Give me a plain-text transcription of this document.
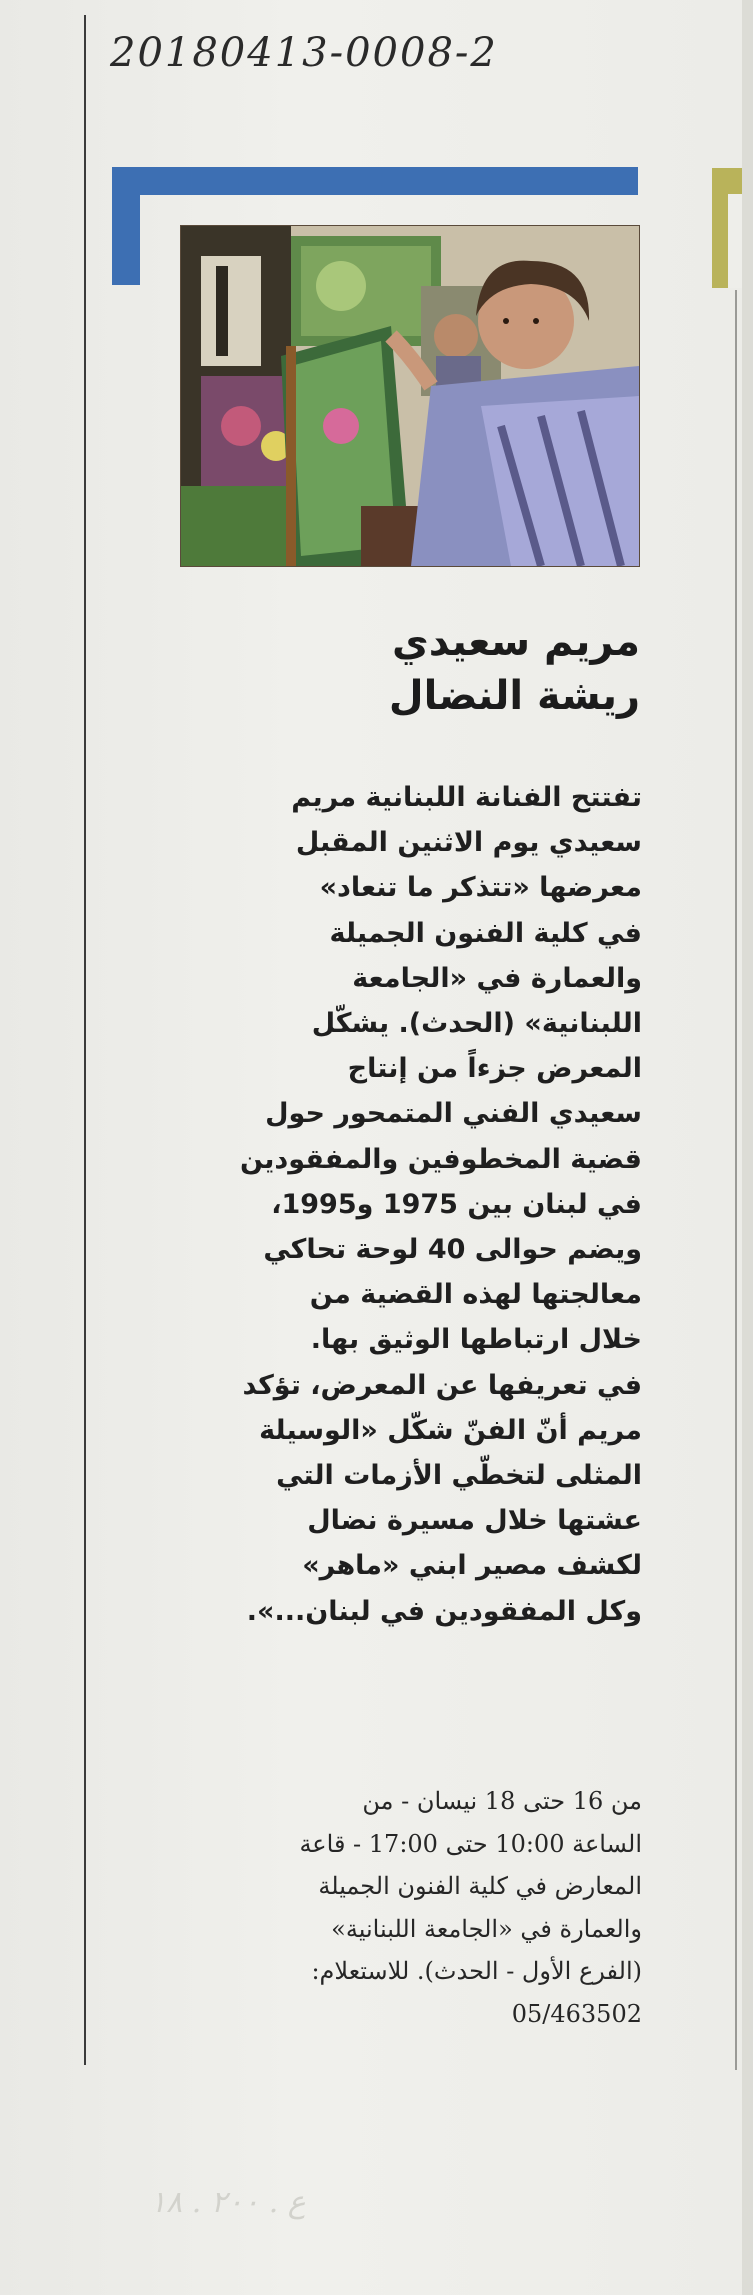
20180413-0008-2
مريم سعيدي
ريشة النضال
تفتتح الفنانة اللبنانية مريم
سعيدي يوم الاثنين المقبل
معرضها «تتذكر ما تنعاد»
في كلية الفنون الجميلة
والعمارة في «الجامعة
اللبنانية» (الحدث). يشكّل
المعرض جزءاً من إنتاج
سعيدي الفني المتمحور حول
قضية المخطوفين والمفقودين
في لبنان بين 1975 و1995،
ويضم حوالى 40 لوحة تحاكي
معالجتها لهذه القضية من
خلال ارتباطها الوثيق بها.
في تعريفها عن المعرض، تؤكد
مريم أنّ الفنّ شكّل «الوسيلة
المثلى لتخطّي الأزمات التي
عشتها خلال مسيرة نضال
لكشف مصير ابني «ماهر»
وكل المفقودين في لبنان...».
من 16 حتى 18 نيسان - من
الساعة 10:00 حتى 17:00 - قاعة
المعارض في كلية الفنون الجميلة
والعمارة في «الجامعة اللبنانية»
(الفرع الأول - الحدث). للاستعلام:
05/463502
ع . ٢٠٠ . ١٨
